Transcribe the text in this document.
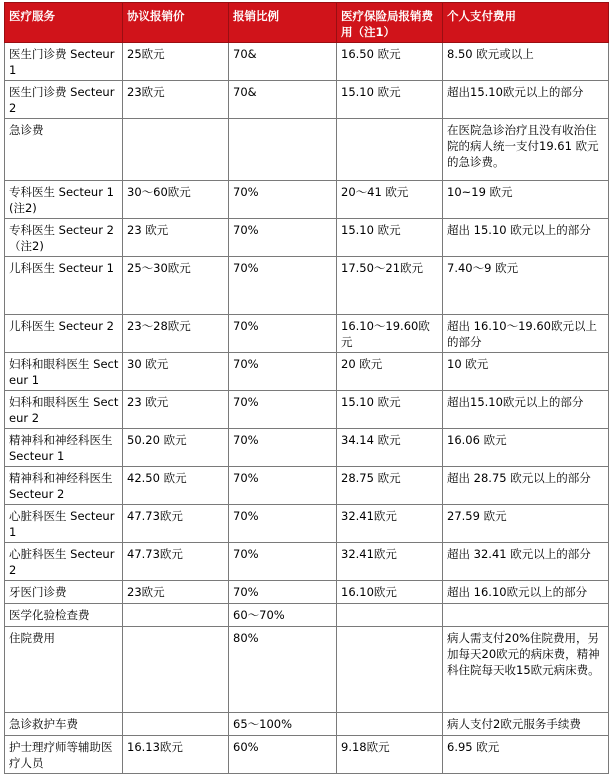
医疗服务	协议报销价	报销比例	医疗保险局报销费用（注1）	个人支付费用
医生门诊费 Secteur 1	25欧元	70&	16.50 欧元	8.50 欧元或以上
医生门诊费 Secteur 2	23欧元	70&	15.10 欧元	超出15.10欧元以上的部分
急诊费				在医院急诊治疗且没有收治住院的病人统一支付19.61 欧元的急诊费。
专科医生 Secteur 1(注2)	30～60欧元	70%	20～41 欧元	10~19 欧元
专科医生 Secteur 2（注2)	23 欧元	70%	15.10 欧元	超出 15.10 欧元以上的部分
儿科医生 Secteur 1	25～30欧元	70%	17.50～21欧元	7.40～9 欧元
儿科医生 Secteur 2	23～28欧元	70%	16.10～19.60欧元	超出 16.10～19.60欧元以上的部分
妇科和眼科医生 Secteur 1	30 欧元	70%	20 欧元	10 欧元
妇科和眼科医生 Secteur 2	23 欧元	70%	15.10 欧元	超出15.10欧元以上的部分
精神科和神经科医生 Secteur 1	50.20 欧元	70%	34.14 欧元	16.06 欧元
精神科和神经科医生 Secteur 2	42.50 欧元	70%	28.75 欧元	超出 28.75 欧元以上的部分
心脏科医生 Secteur 1	47.73欧元	70%	32.41欧元	27.59 欧元
心脏科医生 Secteur 2	47.73欧元	70%	32.41欧元	超出 32.41 欧元以上的部分
牙医门诊费	23欧元	70%	16.10欧元	超出 16.10欧元以上的部分
医学化验检查费		60～70%		
住院费用		80%		病人需支付20%住院费用，另加每天20欧元的病床费，精神科住院每天收15欧元病床费。
急诊救护车费		65～100%		病人支付2欧元服务手续费
护士理疗师等辅助医疗人员	16.13欧元	60%	9.18欧元	6.95 欧元
